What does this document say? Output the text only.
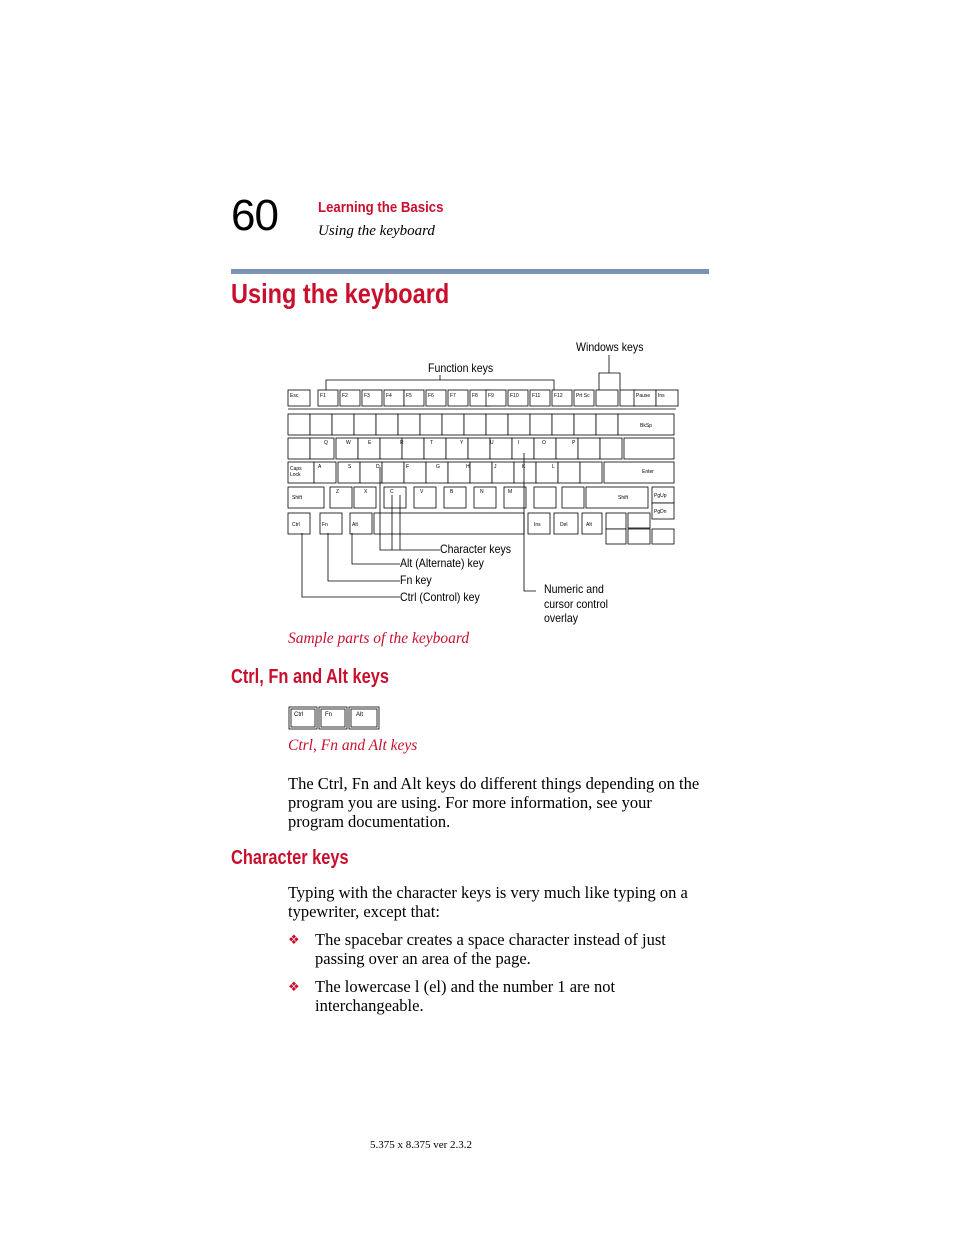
60	Learning the Basics
Using the keyboard
Using the keyboard
Esc	F1	F2	F3	F4	F5	F6	F7	F8 F9	F10	F11	F12	Prt Sc	Pause Ins
BkSp
Q	W	E	R	T	Y	U	I	O	P
Caps
Lock
A	S	D	F	G	H	J	K	L
Enter
Shift
Z	X	C	V	B	N	M
Shift	PgUp
PgDn
Ctrl	Fn	Alt	Ins	Del	Alt
Windows keys
Function keys
Character keys
Alt (Alternate) key
Fn key
Ctrl (Control) key
Numeric and
cursor control
overlay
Sample parts of the keyboard
Ctrl, Fn and Alt keys
Ctrl	Fn	Alt
Ctrl, Fn and Alt keys
The Ctrl, Fn and Alt keys do different things depending on the program you are using. For more information, see your program documentation.
Character keys
Typing with the character keys is very much like typing on a typewriter, except that:
❖ The spacebar creates a space character instead of just passing over an area of the page.
❖ The lowercase l (el) and the number 1 are not interchangeable.
5.375 x 8.375 ver 2.3.2
